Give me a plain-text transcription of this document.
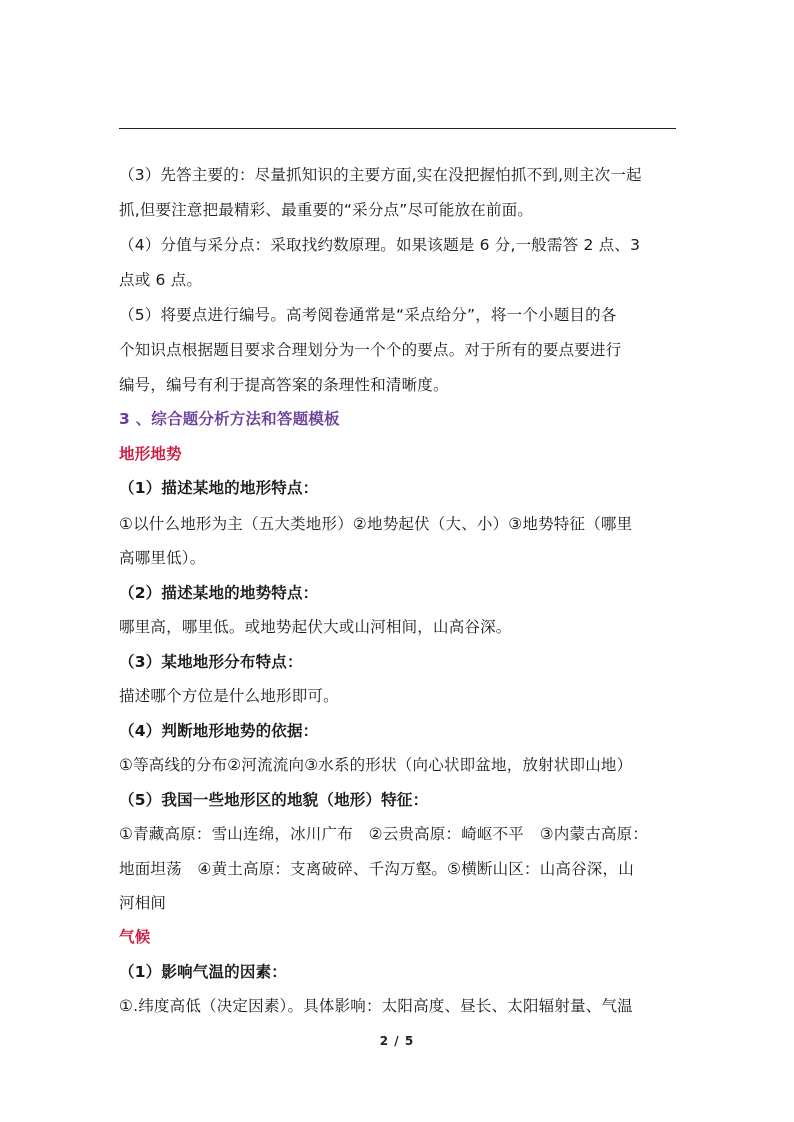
（3）先答主要的：尽量抓知识的主要方面,实在没把握怕抓不到,则主次一起
抓,但要注意把最精彩、最重要的“采分点”尽可能放在前面。
（4）分值与采分点：采取找约数原理。如果该题是 6 分,一般需答 2 点、3
点或 6 点。
（5）将要点进行编号。高考阅卷通常是“采点给分”，将一个小题目的各
个知识点根据题目要求合理划分为一个个的要点。对于所有的要点要进行
编号，编号有利于提高答案的条理性和清晰度。
3 、综合题分析方法和答题模板
地形地势
（1）描述某地的地形特点：
①以什么地形为主（五大类地形）②地势起伏（大、小）③地势特征（哪里
高哪里低）。
（2）描述某地的地势特点：
哪里高，哪里低。或地势起伏大或山河相间，山高谷深。
（3）某地地形分布特点：
描述哪个方位是什么地形即可。
（4）判断地形地势的依据：
①等高线的分布②河流流向③水系的形状（向心状即盆地，放射状即山地）
（5）我国一些地形区的地貌（地形）特征：
①青藏高原：雪山连绵，冰川广布　②云贵高原：崎岖不平　③内蒙古高原：
地面坦荡　④黄土高原：支离破碎、千沟万壑。⑤横断山区：山高谷深，山
河相间
气候
（1）影响气温的因素：
①.纬度高低（决定因素）。具体影响：太阳高度、昼长、太阳辐射量、气温
2 / 5
